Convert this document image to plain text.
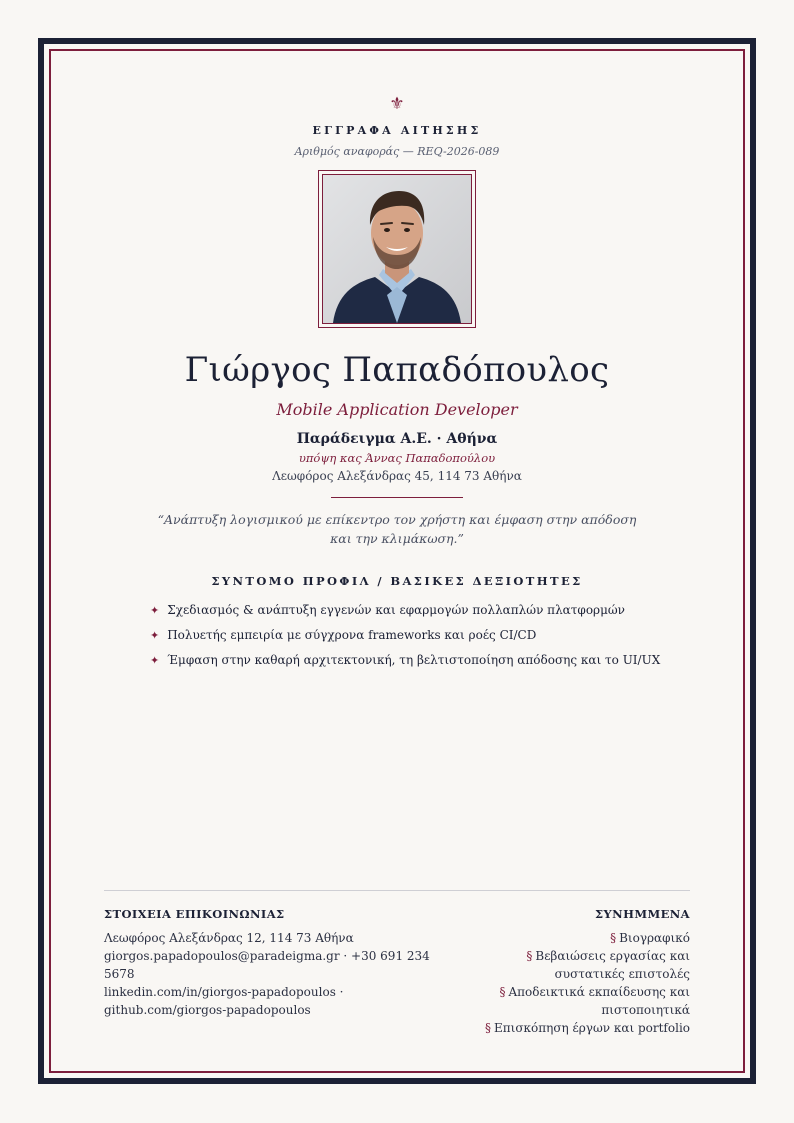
⚜
ΕΓΓΡΑΦΑ ΑΙΤΗΣΗΣ
Αριθμός αναφοράς — REQ-2026-089
Γιώργος Παπαδόπουλος
Mobile Application Developer
Παράδειγμα Α.Ε. · Αθήνα
υπόψη κας Άννας Παπαδοπούλου
Λεωφόρος Αλεξάνδρας 45, 114 73 Αθήνα
“Ανάπτυξη λογισμικού με επίκεντρο τον χρήστη και έμφαση στην απόδοση και την κλιμάκωση.”
ΣΥΝΤΟΜΟ ΠΡΟΦΙΛ / ΒΑΣΙΚΕΣ ΔΕΞΙΟΤΗΤΕΣ
✦ Σχεδιασμός & ανάπτυξη εγγενών και εφαρμογών πολλαπλών πλατφορμών
✦ Πολυετής εμπειρία με σύγχρονα frameworks και ροές CI/CD
✦ Έμφαση στην καθαρή αρχιτεκτονική, τη βελτιστοποίηση απόδοσης και το UI/UX
ΣΤΟΙΧΕΙΑ ΕΠΙΚΟΙΝΩΝΙΑΣ
Λεωφόρος Αλεξάνδρας 12, 114 73 Αθήνα
giorgos.papadopoulos@paradeigma.gr · +30 691 234 5678
linkedin.com/in/giorgos-papadopoulos · github.com/giorgos-papadopoulos
ΣΥΝΗΜΜΕΝΑ
§ Βιογραφικό
§ Βεβαιώσεις εργασίας και συστατικές επιστολές
§ Αποδεικτικά εκπαίδευσης και πιστοποιητικά
§ Επισκόπηση έργων και portfolio
